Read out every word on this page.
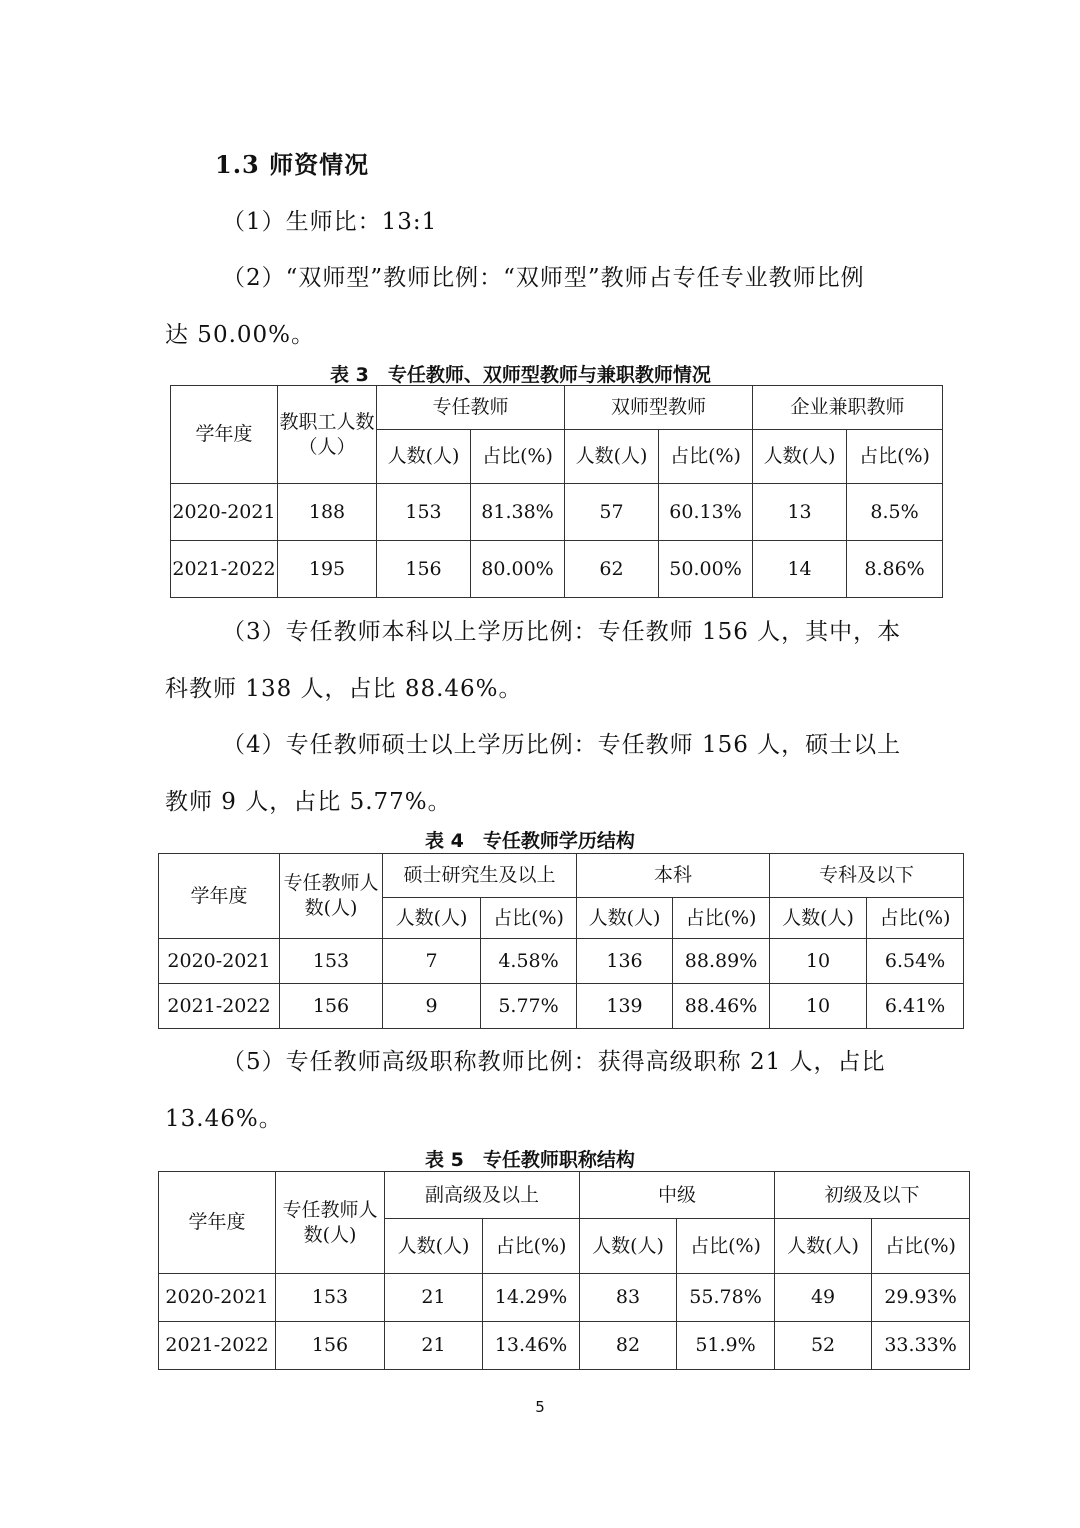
1.3 师资情况
（1）生师比：13:1
（2）“双师型”教师比例：“双师型”教师占专任专业教师比例
达 50.00%。
表 3　专任教师、双师型教师与兼职教师情况
学年度	教职工人数（人）	专任教师		双师型教师		企业兼职教师	
		人数(人)	占比(%)	人数(人)	占比(%)	人数(人)	占比(%)
2020-2021	188	153	81.38%	57	60.13%	13	8.5%
2021-2022	195	156	80.00%	62	50.00%	14	8.86%
（3）专任教师本科以上学历比例：专任教师 156 人，其中，本
科教师 138 人，占比 88.46%。
（4）专任教师硕士以上学历比例：专任教师 156 人，硕士以上
教师 9 人，占比 5.77%。
表 4　专任教师学历结构
学年度	专任教师人数(人)	硕士研究生及以上		本科		专科及以下	
		人数(人)	占比(%)	人数(人)	占比(%)	人数(人)	占比(%)
2020-2021	153	7	4.58%	136	88.89%	10	6.54%
2021-2022	156	9	5.77%	139	88.46%	10	6.41%
（5）专任教师高级职称教师比例：获得高级职称 21 人，占比
13.46%。
表 5　专任教师职称结构
学年度	专任教师人数(人)	副高级及以上		中级		初级及以下	
		人数(人)	占比(%)	人数(人)	占比(%)	人数(人)	占比(%)
2020-2021	153	21	14.29%	83	55.78%	49	29.93%
2021-2022	156	21	13.46%	82	51.9%	52	33.33%
5
